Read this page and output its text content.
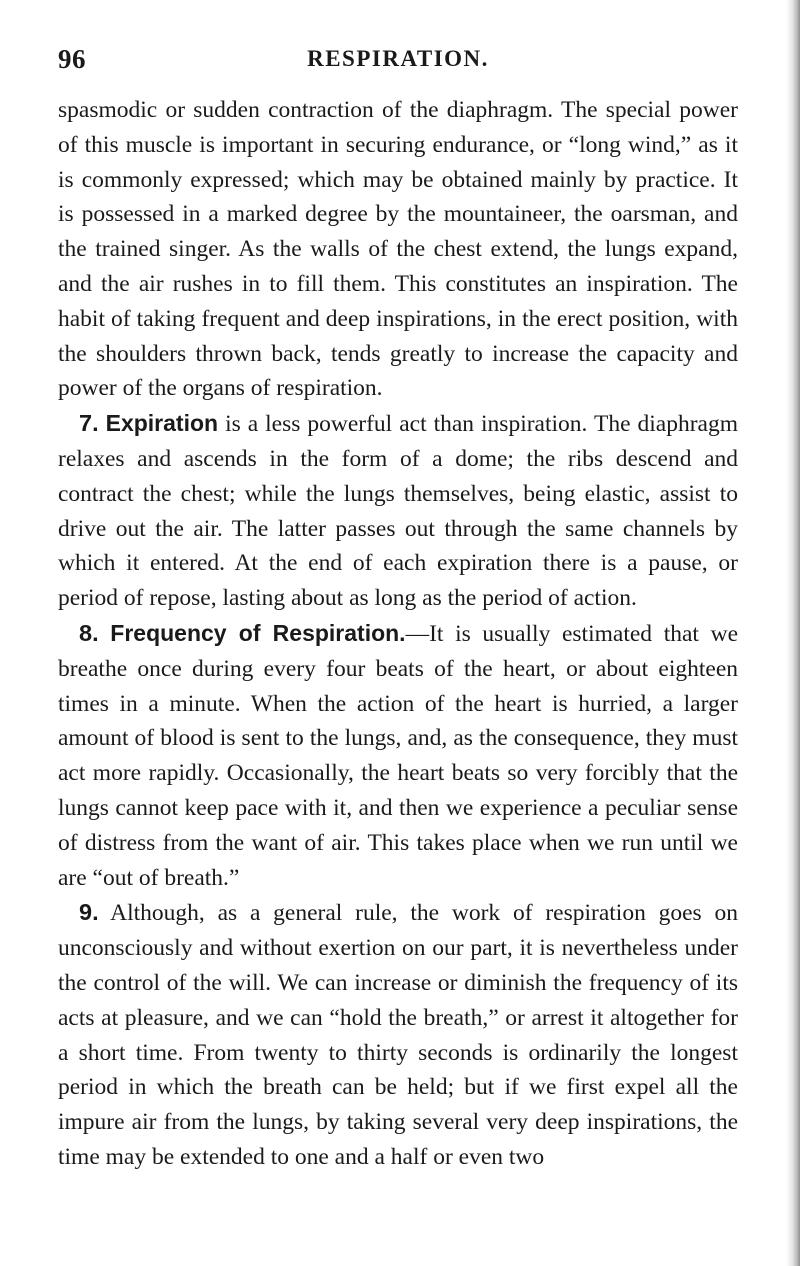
96	RESPIRATION.

spasmodic or sudden contraction of the diaphragm. The special power of this muscle is important in securing endurance, or “long wind,” as it is commonly expressed; which may be obtained mainly by practice. It is possessed in a marked degree by the mountaineer, the oarsman, and the trained singer. As the walls of the chest extend, the lungs expand, and the air rushes in to fill them. This constitutes an inspiration. The habit of taking frequent and deep inspirations, in the erect position, with the shoulders thrown back, tends greatly to increase the capacity and power of the organs of respiration.

7. Expiration is a less powerful act than inspiration. The diaphragm relaxes and ascends in the form of a dome; the ribs descend and contract the chest; while the lungs themselves, being elastic, assist to drive out the air. The latter passes out through the same channels by which it entered. At the end of each expiration there is a pause, or period of repose, lasting about as long as the period of action.

8. Frequency of Respiration.—It is usually estimated that we breathe once during every four beats of the heart, or about eighteen times in a minute. When the action of the heart is hurried, a larger amount of blood is sent to the lungs, and, as the consequence, they must act more rapidly. Occasionally, the heart beats so very forcibly that the lungs cannot keep pace with it, and then we experience a peculiar sense of distress from the want of air. This takes place when we run until we are “out of breath.”

9. Although, as a general rule, the work of respiration goes on unconsciously and without exertion on our part, it is nevertheless under the control of the will. We can increase or diminish the frequency of its acts at pleasure, and we can “hold the breath,” or arrest it altogether for a short time. From twenty to thirty seconds is ordinarily the longest period in which the breath can be held; but if we first expel all the impure air from the lungs, by taking several very deep inspirations, the time may be extended to one and a half or even two
